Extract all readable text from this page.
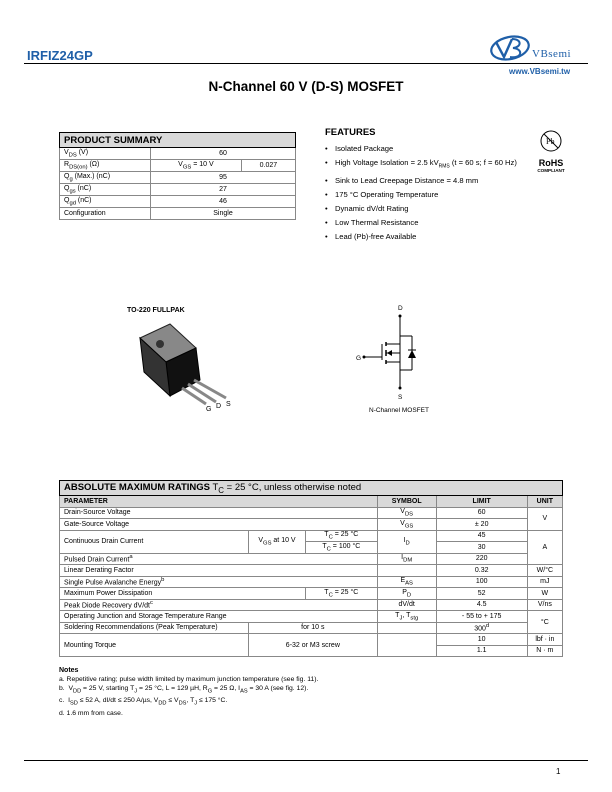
IRFIZ24GP	VBsemi
www.VBsemi.tw
N-Channel 60 V (D-S) MOSFET
PRODUCT SUMMARY		
$V_{DS}$ (V)	60	
$R_{DS(on)}$ (Ω)	$V_{GS} = 10$ V	0.027
$Q_g$ (Max.) (nC)	95	
$Q_{gs}$ (nC)	27	
$Q_{gd}$ (nC)	46	
Configuration	Single	
FEATURES
• Isolated Package
• High Voltage Isolation = 2.5 $kV_{RMS}$ (t = 60 s; f = 60 Hz)
• Sink to Lead Creepage Distance = 4.8 mm
• 175 °C Operating Temperature
• Dynamic dV/dt Rating
• Low Thermal Resistance
• Lead (Pb)-free Available
Pb
RoHS
COMPLIANT
TO-220 FULLPAK
G D S
D
G
S
N-Channel MOSFET
ABSOLUTE MAXIMUM RATINGS $T_C = 25$ °C, unless otherwise noted					
PARAMETER			SYMBOL	LIMIT	UNIT
Drain-Source Voltage			$V_{DS}$	60	V
Gate-Source Voltage			$V_{GS}$	± 20	
Continuous Drain Current	$V_{GS}$ at 10 V	$T_C = 25$ °C	$I_D$	45	A
		$T_C = 100$ °C		30	
Pulsed Drain Current$^a$			$I_{DM}$	220	
Linear Derating Factor				0.32	W/°C
Single Pulse Avalanche Energy$^b$			$E_{AS}$	100	mJ
Maximum Power Dissipation		$T_C = 25$ °C	$P_D$	52	W
Peak Diode Recovery $dV/dt^c$			dV/dt	4.5	V/ns
Operating Junction and Storage Temperature Range			$T_J$, $T_{stg}$	- 55 to + 175	°C
Soldering Recommendations (Peak Temperature)	for 10 s			300$^d$
Mounting Torque	6-32 or M3 screw			10	lbf · in
				1.1	N · m
Notes
a. Repetitive rating; pulse width limited by maximum junction temperature (see fig. 11).
b.  $V_{DD} = 25$ V, starting $T_J = 25$ °C, L = 129 µH, $R_G = 25$ Ω, $I_{AS} = 30$ A (see fig. 12).
c.  $I_{SD} \le 52$ A, dI/dt ≤ 250 A/µs, $V_{DD} \le V_{DS}$, $T_J \le 175$ °C.
d. 1.6 mm from case.
1
